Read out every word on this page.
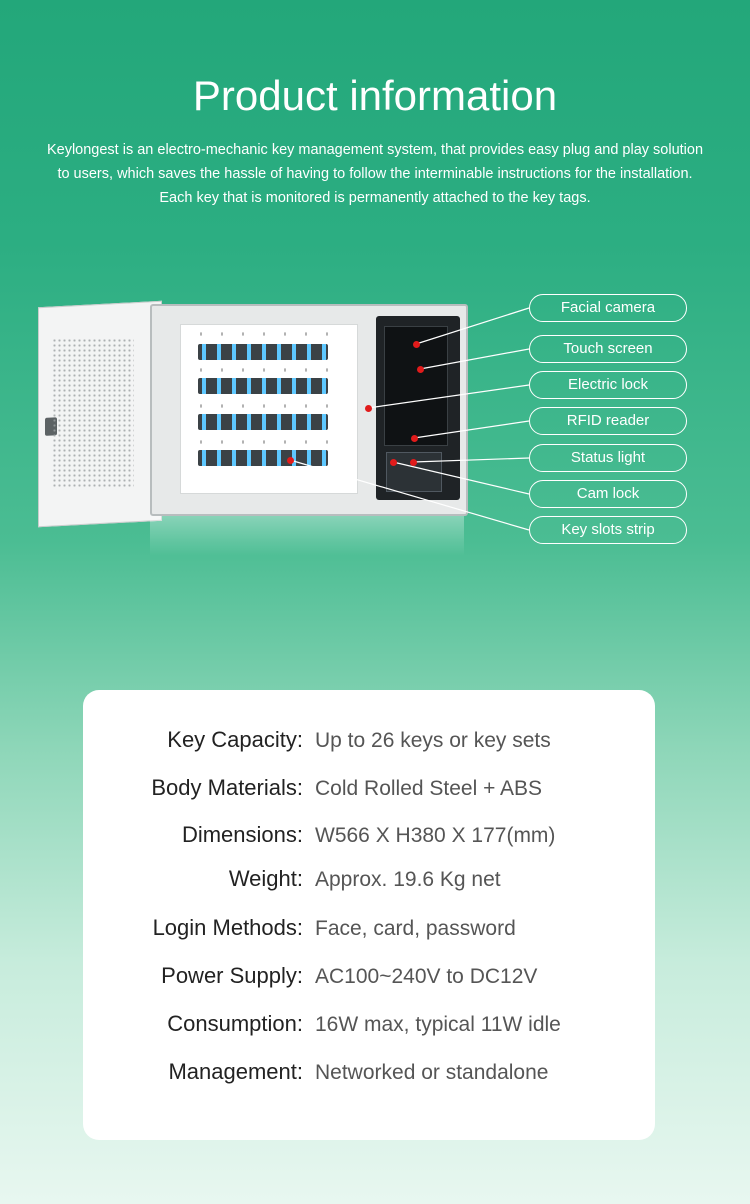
Product information

Keylongest is an electro-mechanic key management system, that provides easy plug and play solution
to users, which saves the hassle of having to follow the interminable instructions for the installation.
Each key that is monitored is permanently attached to the key tags.

Facial camera
Touch screen
Electric lock
RFID reader
Status light
Cam lock
Key slots strip
Key Capacity: Up to 26 keys or key sets
Body Materials: Cold Rolled Steel + ABS
Dimensions: W566 X H380 X 177(mm)
Weight: Approx. 19.6 Kg net
Login Methods: Face, card, password
Power Supply: AC100~240V to DC12V
Consumption: 16W max, typical 11W idle
Management: Networked or standalone
